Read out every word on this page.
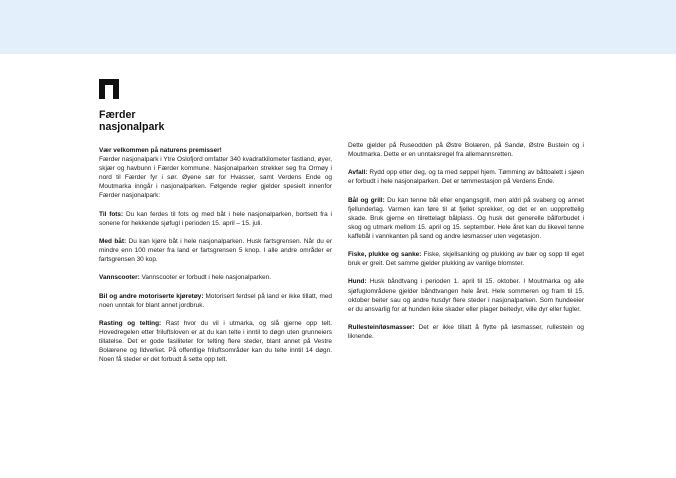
Færder
nasjonalpark

Vær velkommen på naturens premisser!
Færder nasjonalpark i Ytre Oslofjord omfatter 340 kvadratkilometer fastland, øyer, skjær og havbunn i Færder kommune. Nasjonalparken strekker seg fra Ormøy i nord til Færder fyr i sør. Øyene sør for Hvasser, samt Verdens Ende og Moutmarka inngår i nasjonalparken. Følgende regler gjelder spesielt innenfor Færder nasjonalpark:

Til fots: Du kan ferdes til fots og med båt i hele nasjonalparken, bortsett fra i sonene for hekkende sjøfugl i perioden 15. april – 15. juli.

Med båt: Du kan kjøre båt i hele nasjonalparken. Husk fartsgrensen. Når du er mindre enn 100 meter fra land er fartsgrensen 5 knop. I alle andre områder er fartsgrensen 30 kop.

Vannscooter: Vannscooter er forbudt i hele nasjonalparken.

Bil og andre motoriserte kjøretøy: Motorisert ferdsel på land er ikke tillatt, med noen unntak for blant annet jordbruk.

Rasting og telting: Rast hvor du vil i utmarka, og slå gjerne opp telt. Hovedregelen etter friluftsloven er at du kan telte i inntil to døgn uten grunneiers tillatelse. Det er gode fasiliteter for telting flere steder, blant annet på Vestre Bolærene og Ildverket. På offentlige friluftsområder kan du telte inntil 14 døgn. Noen få steder er det forbudt å sette opp telt.

Dette gjelder på Ruseodden på Østre Bolæren, på Sandø, Østre Bustein og i Moutmarka. Dette er en unntaksregel fra allemannsretten.

Avfall: Rydd opp etter deg, og ta med søppel hjem. Tømming av båttoalett i sjøen er forbudt i hele nasjonalparken. Det er tømmestasjon på Verdens Ende.

Bål og grill: Du kan tenne bål eller engangsgrill, men aldri på svaberg og annet fjellunderlag. Varmen kan føre til at fjellet sprekker, og det er en uopprettelig skade. Bruk gjerne en tilrettelagt bålplass. Og husk det generelle bålforbudet i skog og utmark mellom 15. april og 15. september. Hele året kan du likevel tenne kaffebål i vannkanten på sand og andre løsmasser uten vegetasjon.

Fiske, plukke og sanke: Fiske, skjellsanking og plukking av bær og sopp til eget bruk er greit. Det samme gjelder plukking av vanlige blomster.

Hund: Husk båndtvang i perioden 1. april til 15. oktober. I Moutmarka og alle sjøfuglområdene gjelder båndtvangen hele året. Hele sommeren og fram til 15. oktober beiter sau og andre husdyr flere steder i nasjonalparken. Som hundeeier er du ansvarlig for at hunden ikke skader eller plager beitedyr, ville dyr eller fugler.

Rullestein/løsmasser: Det er ikke tillatt å flytte på løsmasser, rullestein og liknende.
